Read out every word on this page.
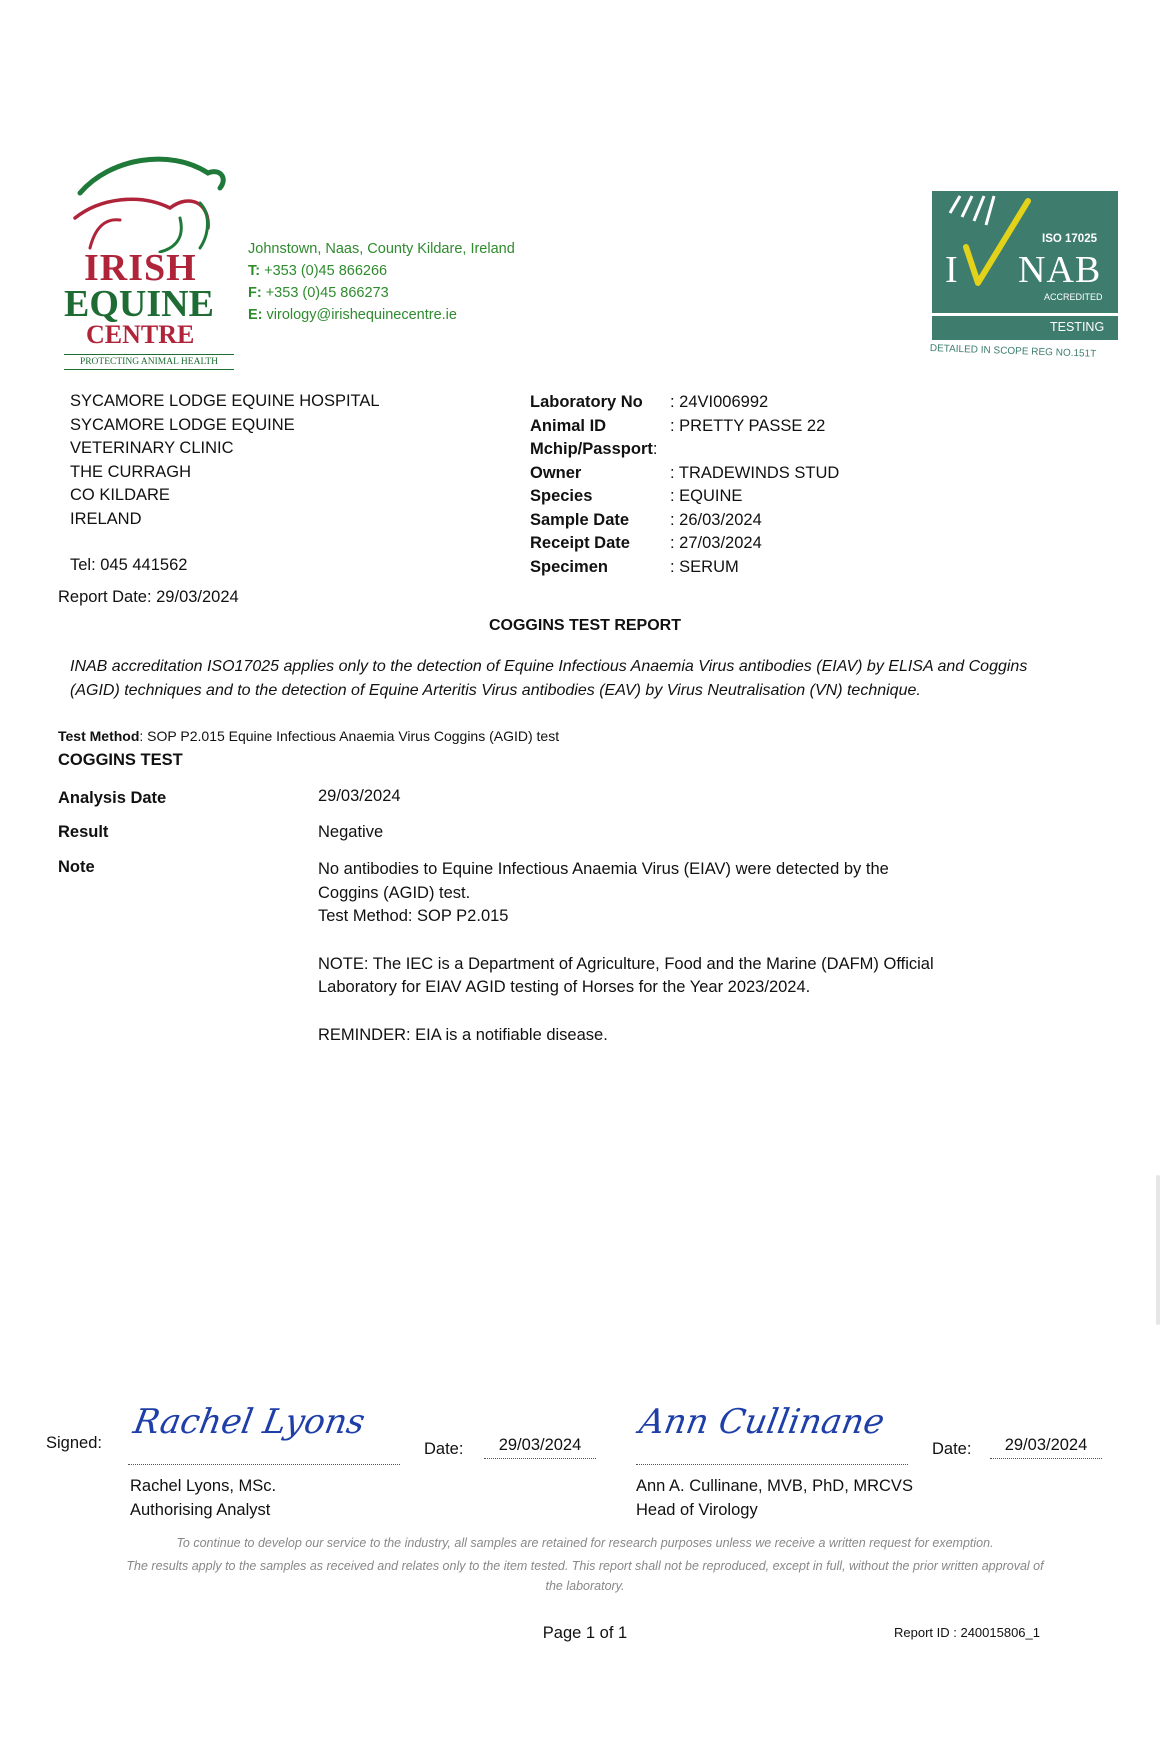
IRISH
EQUINE
CENTRE
PROTECTING ANIMAL HEALTH
Johnstown, Naas, County Kildare, Ireland
T: +353 (0)45 866266
F: +353 (0)45 866273
E: virology@irishequinecentre.ie
ISO 17025
I NAB
ACCREDITED
TESTING
DETAILED IN SCOPE REG NO.151T
SYCAMORE LODGE EQUINE HOSPITAL
SYCAMORE LODGE EQUINE
VETERINARY CLINIC
THE CURRAGH
CO KILDARE
IRELAND
Tel: 045 441562
Report Date: 29/03/2024
Laboratory No	: 24VI006992
Animal ID	: PRETTY PASSE 22
Mchip/Passport :
Owner	: TRADEWINDS STUD
Species	: EQUINE
Sample Date	: 26/03/2024
Receipt Date	: 27/03/2024
Specimen	: SERUM
COGGINS TEST REPORT
INAB accreditation ISO17025 applies only to the detection of Equine Infectious Anaemia Virus antibodies (EIAV) by ELISA and Coggins (AGID) techniques and to the detection of Equine Arteritis Virus antibodies (EAV) by Virus Neutralisation (VN) technique.
Test Method: SOP P2.015 Equine Infectious Anaemia Virus Coggins (AGID) test
COGGINS TEST
Analysis Date	29/03/2024
Result	Negative
Note	No antibodies to Equine Infectious Anaemia Virus (EIAV) were detected by the Coggins (AGID) test.
Test Method: SOP P2.015
NOTE: The IEC is a Department of Agriculture, Food and the Marine (DAFM) Official Laboratory for EIAV AGID testing of Horses for the Year 2023/2024.
REMINDER: EIA is a notifiable disease.
Signed:
Rachel Lyons
Date:	29/03/2024
Ann Cullinane
Date:	29/03/2024
Rachel Lyons, MSc.
Authorising Analyst
Ann A. Cullinane, MVB, PhD, MRCVS
Head of Virology
To continue to develop our service to the industry, all samples are retained for research purposes unless we receive a written request for exemption.
The results apply to the samples as received and relates only to the item tested. This report shall not be reproduced, except in full, without the prior written approval of the laboratory.
Page 1 of 1	Report ID : 240015806_1
